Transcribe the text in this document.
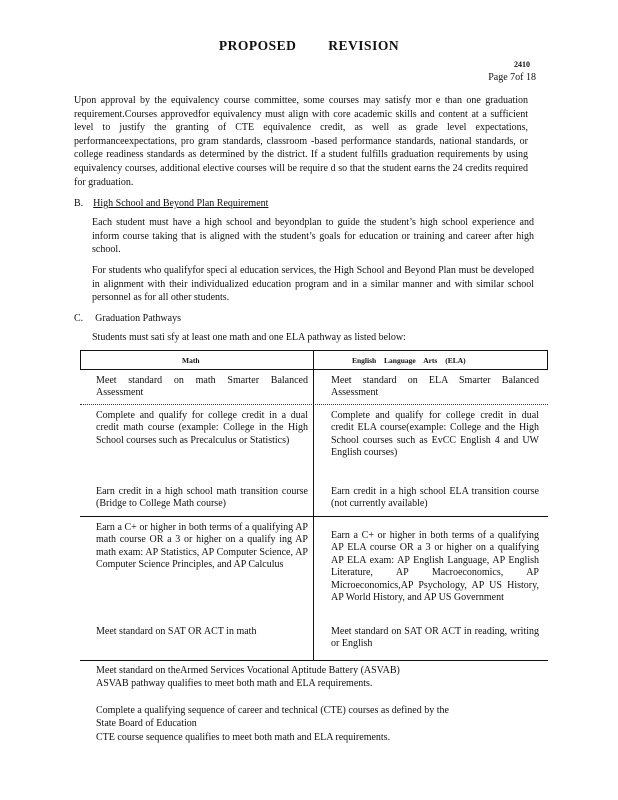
PROPOSED REVISION
2410
Page 7of 18
Upon approval by the equivalency course committee, some courses may satisfy mor e than one graduation requirement.Courses approvedfor equivalency must align with core academic skills and content at a sufficient level to justify the granting of CTE equivalence credit, as well as grade level expectations, performanceexpectations, pro gram standards, classroom -based performance standards, national standards, or college readiness standards as determined by the district. If a student fulfills graduation requirements by using equivalency courses, additional elective courses will be require d so that the student earns the 24 credits required for graduation.
B. High School and Beyond Plan Requirement
Each student must have a high school and beyondplan to guide the student’s high school experience and inform course taking that is aligned with the student’s goals for education or training and career after high school.
For students who qualifyfor speci al education services, the High School and Beyond Plan must be developed in alignment with their individualized education program and in a similar manner and with similar school personnel as for all other students.
C. Graduation Pathways
Students must sati sfy at least one math and one ELA pathway as listed below:
Math	English Language Arts (ELA)
Meet standard on math Smarter Balanced Assessment
Meet standard on ELA Smarter Balanced Assessment
Complete and qualify for college credit in a dual credit math course (example: College in the High School courses such as Precalculus or Statistics)
Complete and qualify for college credit in dual credit ELA course(example: College and the High School courses such as EvCC English 4 and UW English courses)
Earn credit in a high school math transition course (Bridge to College Math course)
Earn credit in a high school ELA transition course (not currently available)
Earn a C+ or higher in both terms of a qualifying AP math course OR a 3 or higher on a qualify ing AP math exam: AP Statistics, AP Computer Science, AP Computer Science Principles, and AP Calculus
Earn a C+ or higher in both terms of a qualifying AP ELA course OR a 3 or higher on a qualifying AP ELA exam: AP English Language, AP English Literature, AP Macroeconomics, AP Microeconomics,AP Psychology, AP US History, AP World History, and AP US Government
Meet standard on SAT OR ACT in math	Meet standard on SAT OR ACT in reading, writing or English
Meet standard on theArmed Services Vocational Aptitude Battery (ASVAB)
ASVAB pathway qualifies to meet both math and ELA requirements.
Complete a qualifying sequence of career and technical (CTE) courses as defined by the
State Board of Education
CTE course sequence qualifies to meet both math and ELA requirements.
